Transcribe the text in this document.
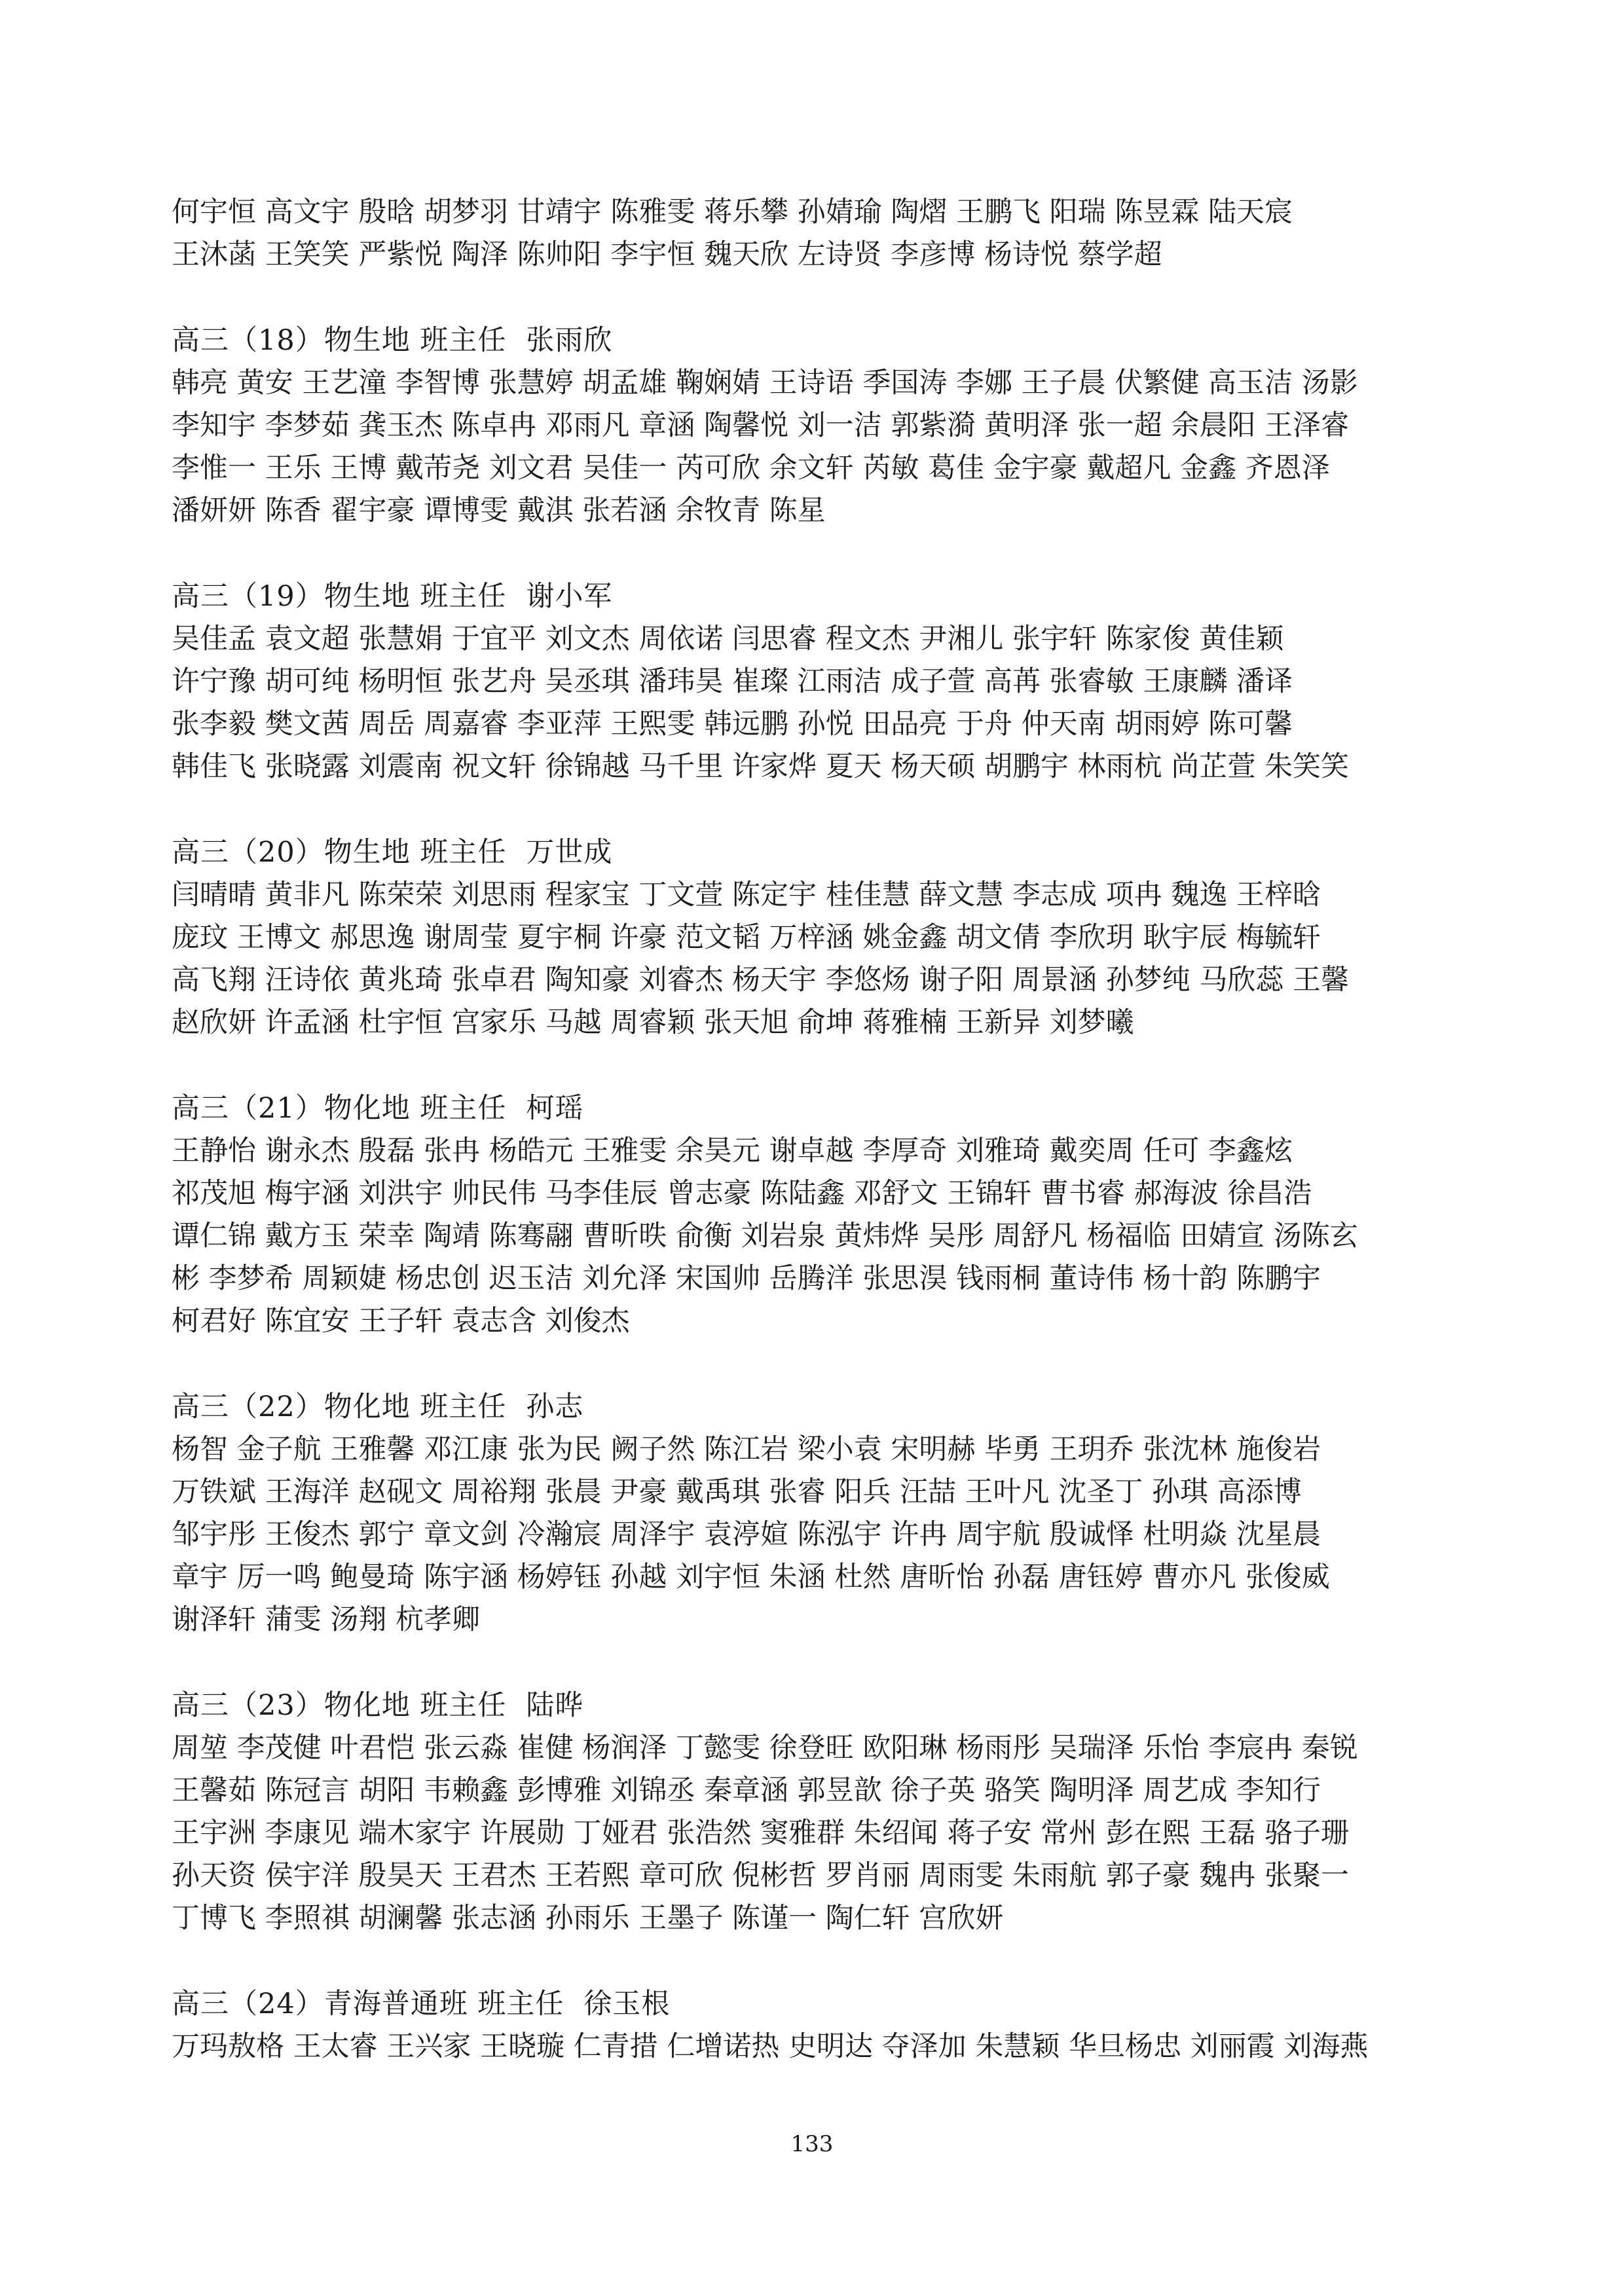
何宇恒 高文宇 殷晗 胡梦羽 甘靖宇 陈雅雯 蒋乐攀 孙婧瑜 陶熠 王鹏飞 阳瑞 陈昱霖 陆天宸
王沐菡 王笑笑 严紫悦 陶泽 陈帅阳 李宇恒 魏天欣 左诗贤 李彦博 杨诗悦 蔡学超
高三（18）物生地 班主任 张雨欣
韩亮 黄安 王艺潼 李智博 张慧婷 胡孟雄 鞠娴婧 王诗语 季国涛 李娜 王子晨 伏繁健 高玉洁 汤影
李知宇 李梦茹 龚玉杰 陈卓冉 邓雨凡 章涵 陶馨悦 刘一洁 郭紫漪 黄明泽 张一超 余晨阳 王泽睿
李惟一 王乐 王博 戴芾尧 刘文君 吴佳一 芮可欣 余文轩 芮敏 葛佳 金宇豪 戴超凡 金鑫 齐恩泽
潘妍妍 陈香 翟宇豪 谭博雯 戴淇 张若涵 余牧青 陈星
高三（19）物生地 班主任 谢小军
吴佳孟 袁文超 张慧娟 于宜平 刘文杰 周依诺 闫思睿 程文杰 尹湘儿 张宇轩 陈家俊 黄佳颖
许宁豫 胡可纯 杨明恒 张艺舟 吴丞琪 潘玮昊 崔璨 江雨洁 成子萱 高苒 张睿敏 王康麟 潘译
张李毅 樊文茜 周岳 周嘉睿 李亚萍 王熙雯 韩远鹏 孙悦 田品亮 于舟 仲天南 胡雨婷 陈可馨
韩佳飞 张晓露 刘震南 祝文轩 徐锦越 马千里 许家烨 夏天 杨天硕 胡鹏宇 林雨杭 尚芷萱 朱笑笑
高三（20）物生地 班主任 万世成
闫晴晴 黄非凡 陈荣荣 刘思雨 程家宝 丁文萱 陈定宇 桂佳慧 薛文慧 李志成 项冉 魏逸 王梓晗
庞玟 王博文 郝思逸 谢周莹 夏宇桐 许豪 范文韬 万梓涵 姚金鑫 胡文倩 李欣玥 耿宇辰 梅毓轩
高飞翔 汪诗依 黄兆琦 张卓君 陶知豪 刘睿杰 杨天宇 李悠炀 谢子阳 周景涵 孙梦纯 马欣蕊 王馨
赵欣妍 许孟涵 杜宇恒 宫家乐 马越 周睿颖 张天旭 俞坤 蒋雅楠 王新异 刘梦曦
高三（21）物化地 班主任 柯瑶
王静怡 谢永杰 殷磊 张冉 杨皓元 王雅雯 余昊元 谢卓越 李厚奇 刘雅琦 戴奕周 任可 李鑫炫
祁茂旭 梅宇涵 刘洪宇 帅民伟 马李佳辰 曾志豪 陈陆鑫 邓舒文 王锦轩 曹书睿 郝海波 徐昌浩
谭仁锦 戴方玉 荣幸 陶靖 陈骞翮 曹昕昳 俞衡 刘岩泉 黄炜烨 吴彤 周舒凡 杨福临 田婧宣 汤陈玄
彬 李梦希 周颖婕 杨忠创 迟玉洁 刘允泽 宋国帅 岳腾洋 张思淏 钱雨桐 董诗伟 杨十韵 陈鹏宇
柯君好 陈宜安 王子轩 袁志含 刘俊杰
高三（22）物化地 班主任 孙志
杨智 金子航 王雅馨 邓江康 张为民 阙子然 陈江岩 梁小袁 宋明赫 毕勇 王玥乔 张沈林 施俊岩
万铁斌 王海洋 赵砚文 周裕翔 张晨 尹豪 戴禹琪 张睿 阳兵 汪喆 王叶凡 沈圣丁 孙琪 高添博
邹宇彤 王俊杰 郭宁 章文剑 冷瀚宸 周泽宇 袁渟媗 陈泓宇 许冉 周宇航 殷诚怿 杜明焱 沈星晨
章宇 厉一鸣 鲍曼琦 陈宇涵 杨婷钰 孙越 刘宇恒 朱涵 杜然 唐昕怡 孙磊 唐钰婷 曹亦凡 张俊威
谢泽轩 蒲雯 汤翔 杭孝卿
高三（23）物化地 班主任 陆晔
周堃 李茂健 叶君恺 张云淼 崔健 杨润泽 丁懿雯 徐登旺 欧阳琳 杨雨彤 吴瑞泽 乐怡 李宸冉 秦锐
王馨茹 陈冠言 胡阳 韦赖鑫 彭博雅 刘锦丞 秦章涵 郭昱歆 徐子英 骆笑 陶明泽 周艺成 李知行
王宇洲 李康见 端木家宇 许展勋 丁娅君 张浩然 窦雅群 朱绍闻 蒋子安 常州 彭在熙 王磊 骆子珊
孙天资 侯宇洋 殷昊天 王君杰 王若熙 章可欣 倪彬哲 罗肖丽 周雨雯 朱雨航 郭子豪 魏冉 张聚一
丁博飞 李照祺 胡澜馨 张志涵 孙雨乐 王墨子 陈谨一 陶仁轩 宫欣妍
高三（24）青海普通班 班主任 徐玉根
万玛敖格 王太睿 王兴家 王晓璇 仁青措 仁增诺热 史明达 夺泽加 朱慧颖 华旦杨忠 刘丽霞 刘海燕
133
